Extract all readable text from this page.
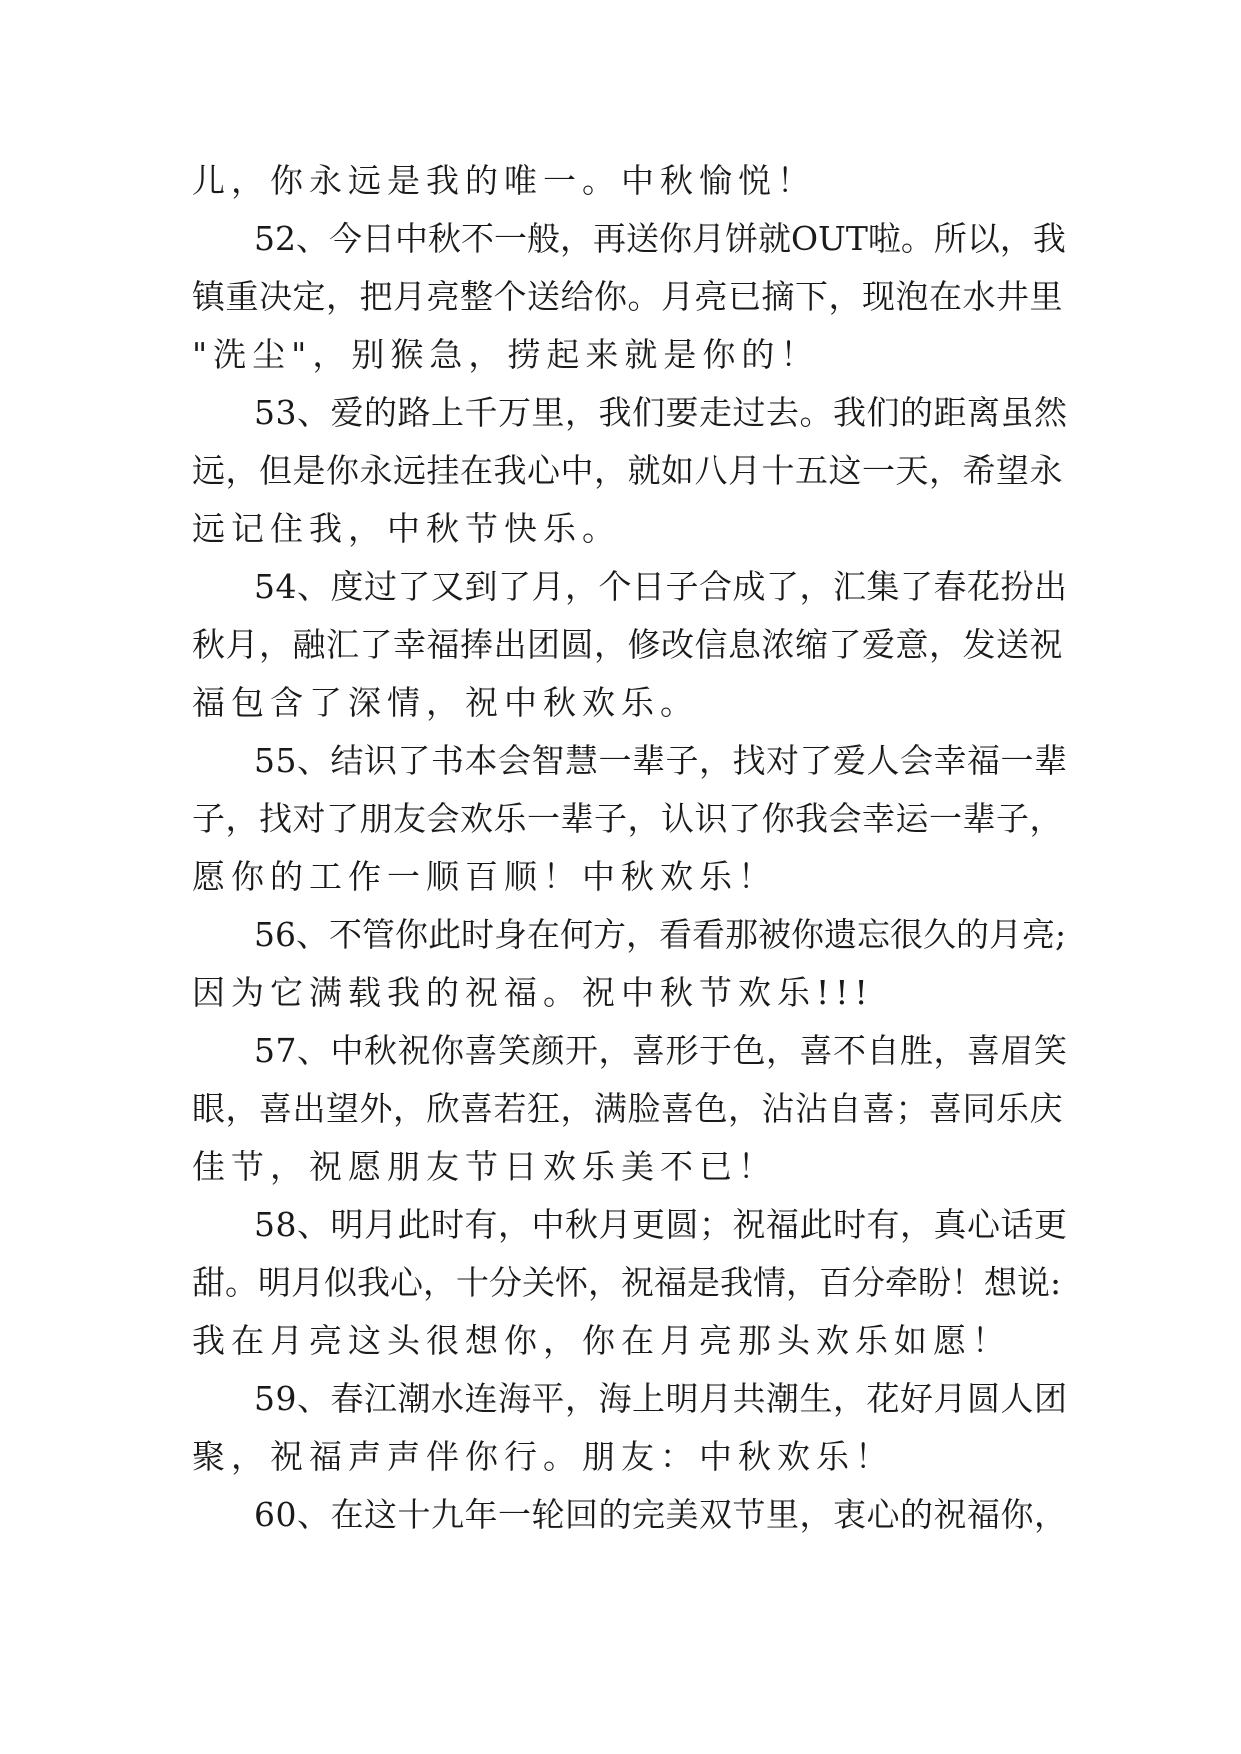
儿，你永远是我的唯一。中秋愉悦！
52、今日中秋不一般，再送你月饼就OUT啦。所以，我
镇重决定，把月亮整个送给你。月亮已摘下，现泡在水井里
"洗尘"，别猴急，捞起来就是你的！
53、爱的路上千万里，我们要走过去。我们的距离虽然
远，但是你永远挂在我心中，就如八月十五这一天，希望永
远记住我，中秋节快乐。
54、度过了又到了月，个日子合成了，汇集了春花扮出
秋月，融汇了幸福捧出团圆，修改信息浓缩了爱意，发送祝
福包含了深情，祝中秋欢乐。
55、结识了书本会智慧一辈子，找对了爱人会幸福一辈
子，找对了朋友会欢乐一辈子，认识了你我会幸运一辈子，
愿你的工作一顺百顺！中秋欢乐！
56、不管你此时身在何方，看看那被你遗忘很久的月亮;
因为它满载我的祝福。祝中秋节欢乐!!!
57、中秋祝你喜笑颜开，喜形于色，喜不自胜，喜眉笑
眼，喜出望外，欣喜若狂，满脸喜色，沾沾自喜；喜同乐庆
佳节，祝愿朋友节日欢乐美不已！
58、明月此时有，中秋月更圆；祝福此时有，真心话更
甜。明月似我心，十分关怀，祝福是我情，百分牵盼！想说:
我在月亮这头很想你，你在月亮那头欢乐如愿！
59、春江潮水连海平，海上明月共潮生，花好月圆人团
聚，祝福声声伴你行。朋友：中秋欢乐！
60、在这十九年一轮回的完美双节里，衷心的祝福你，
